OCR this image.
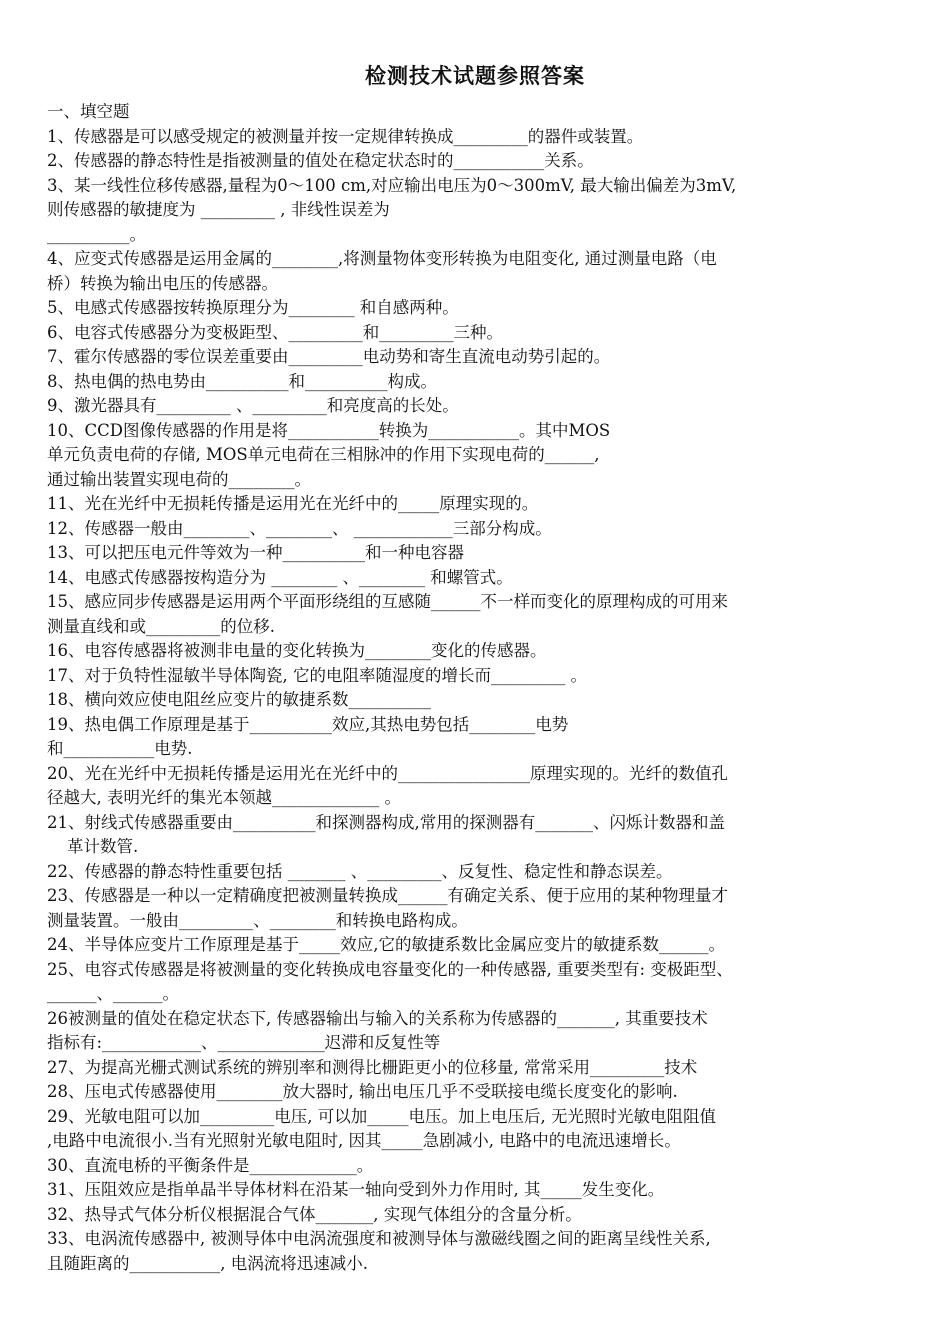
检测技术试题参照答案
一、填空题
1、传感器是可以感受规定的被测量并按一定规律转换成_________的器件或装置。
2、传感器的静态特性是指被测量的值处在稳定状态时的___________关系。
3、某一线性位移传感器,量程为0～100 cm,对应输出电压为0～300mV, 最大输出偏差为3mV,
则传感器的敏捷度为 _________ , 非线性误差为
__________。
4、应变式传感器是运用金属的________,将测量物体变形转换为电阻变化, 通过测量电路（电
桥）转换为输出电压的传感器。
5、电感式传感器按转换原理分为________ 和自感两种。
6、电容式传感器分为变极距型、_________和_________三种。
7、霍尔传感器的零位误差重要由_________电动势和寄生直流电动势引起的。
8、热电偶的热电势由__________和__________构成。
9、激光器具有_________ 、_________和亮度高的长处。
10、CCD图像传感器的作用是将___________转换为___________。其中MOS
单元负责电荷的存储, MOS单元电荷在三相脉冲的作用下实现电荷的______,
通过输出装置实现电荷的________。
11、光在光纤中无损耗传播是运用光在光纤中的_____原理实现的。
12、传感器一般由________、________、 ____________三部分构成。
13、可以把压电元件等效为一种__________和一种电容器
14、电感式传感器按构造分为 ________ 、________ 和螺管式。
15、感应同步传感器是运用两个平面形绕组的互感随______不一样而变化的原理构成的可用来
测量直线和或_________的位移.
16、电容传感器将被测非电量的变化转换为________变化的传感器。
17、对于负特性湿敏半导体陶瓷, 它的电阻率随湿度的增长而_________ 。
18、横向效应使电阻丝应变片的敏捷系数__________
19、热电偶工作原理是基于__________效应,其热电势包括________电势
和___________电势.
20、光在光纤中无损耗传播是运用光在光纤中的________________原理实现的。光纤的数值孔
径越大, 表明光纤的集光本领越_____________ 。
21、射线式传感器重要由__________和探测器构成,常用的探测器有_______、闪烁计数器和盖
革计数管.
22、传感器的静态特性重要包括 _______ 、_________、反复性、稳定性和静态误差。
23、传感器是一种以一定精确度把被测量转换成______有确定关系、便于应用的某种物理量才
测量装置。一般由_________、________和转换电路构成。
24、半导体应变片工作原理是基于_____效应,它的敏捷系数比金属应变片的敏捷系数______。
25、电容式传感器是将被测量的变化转换成电容量变化的一种传感器, 重要类型有: 变极距型、
______、______。
26被测量的值处在稳定状态下, 传感器输出与输入的关系称为传感器的_______, 其重要技术
指标有:____________、_____________迟滞和反复性等
27、为提高光栅式测试系统的辨别率和测得比栅距更小的位移量, 常常采用_________技术
28、压电式传感器使用________放大器时, 输出电压几乎不受联接电缆长度变化的影响.
29、光敏电阻可以加_________电压, 可以加_____电压。加上电压后, 无光照时光敏电阻阻值
,电路中电流很小.当有光照射光敏电阻时, 因其_____急剧减小, 电路中的电流迅速增长。
30、直流电桥的平衡条件是_____________。
31、压阻效应是指单晶半导体材料在沿某一轴向受到外力作用时, 其_____发生变化。
32、热导式气体分析仪根据混合气体_______, 实现气体组分的含量分析。
33、电涡流传感器中, 被测导体中电涡流强度和被测导体与激磁线圈之间的距离呈线性关系,
且随距离的___________, 电涡流将迅速减小.
